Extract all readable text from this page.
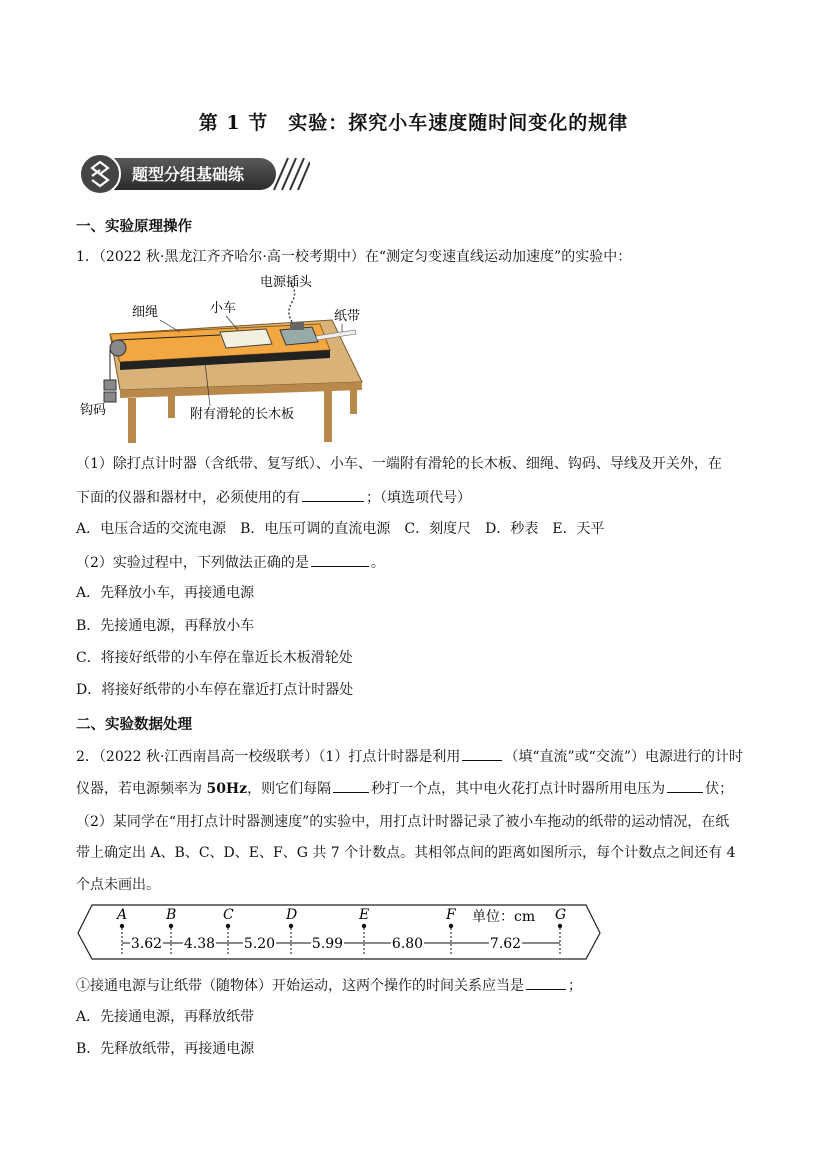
第 1 节　实验：探究小车速度随时间变化的规律
题型分组基础练
一、实验原理操作
1．（2022 秋·黑龙江齐齐哈尔·高一校考期中）在“测定匀变速直线运动加速度”的实验中：
电源插头
细绳	小车
纸带
钩码	附有滑轮的长木板
（1）除打点计时器（含纸带、复写纸）、小车、一端附有滑轮的长木板、细绳、钩码、导线及开关外，在
下面的仪器和器材中，必须使用的有	；（填选项代号）
A．电压合适的交流电源　B．电压可调的直流电源　C．刻度尺　D．秒表　E．天平
（2）实验过程中，下列做法正确的是	。
A．先释放小车，再接通电源
B．先接通电源，再释放小车
C．将接好纸带的小车停在靠近长木板滑轮处
D．将接好纸带的小车停在靠近打点计时器处
二、实验数据处理
2．（2022 秋·江西南昌高一校级联考）（1）打点计时器是利用	（填“直流”或“交流”）电源进行的计时
仪器，若电源频率为 50Hz，则它们每隔	秒打一个点，其中电火花打点计时器所用电压为	伏；
（2）某同学在“用打点计时器测速度”的实验中，用打点计时器记录了被小车拖动的纸带的运动情况，在纸
带上确定出 A、B、C、D、E、F、G 共 7 个计数点。其相邻点间的距离如图所示，每个计数点之间还有 4
个点未画出。
A	B	C	D	E	F	G
3.62 4.38 5.20	5.99	6.80	7.62
单位：cm
①接通电源与让纸带（随物体）开始运动，这两个操作的时间关系应当是	；
A．先接通电源，再释放纸带
B．先释放纸带，再接通电源
